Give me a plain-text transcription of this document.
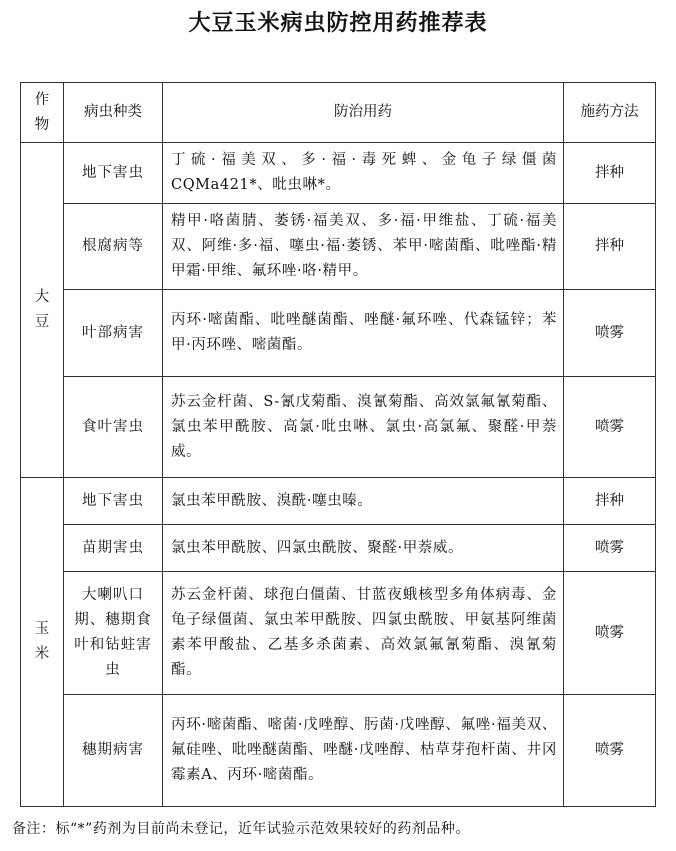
大豆玉米病虫防控用药推荐表
作
物	病虫种类	防治用药	施药方法

大
豆	地下害虫	丁硫·福美双、多·福·毒死蜱、金龟子绿僵菌CQMa421*、吡虫啉*。	拌种
	根腐病等	精甲·咯菌腈、萎锈·福美双、多·福·甲维盐、丁硫·福美双、阿维·多·福、噻虫·福·萎锈、苯甲·嘧菌酯、吡唑酯·精甲霜·甲维、氟环唑·咯·精甲。	拌种
	叶部病害	丙环·嘧菌酯、吡唑醚菌酯、唑醚·氟环唑、代森锰锌；苯甲·丙环唑、嘧菌酯。	喷雾
	食叶害虫	苏云金杆菌、S-氰戊菊酯、溴氰菊酯、高效氯氟氰菊酯、氯虫苯甲酰胺、高氯·吡虫啉、氯虫·高氯氟、聚醛·甲萘威。	喷雾

玉
米	地下害虫	氯虫苯甲酰胺、溴酰·噻虫嗪。	拌种
	苗期害虫	氯虫苯甲酰胺、四氯虫酰胺、聚醛·甲萘威。	喷雾
	大喇叭口期、穗期食叶和钻蛀害虫	苏云金杆菌、球孢白僵菌、甘蓝夜蛾核型多角体病毒、金龟子绿僵菌、氯虫苯甲酰胺、四氯虫酰胺、甲氨基阿维菌素苯甲酸盐、乙基多杀菌素、高效氯氟氰菊酯、溴氰菊酯。	喷雾
	穗期病害	丙环·嘧菌酯、嘧菌·戊唑醇、肟菌·戊唑醇、氟唑·福美双、氟硅唑、吡唑醚菌酯、唑醚·戊唑醇、枯草芽孢杆菌、井冈霉素A、丙环·嘧菌酯。	喷雾
备注：标“*”药剂为目前尚未登记，近年试验示范效果较好的药剂品种。
